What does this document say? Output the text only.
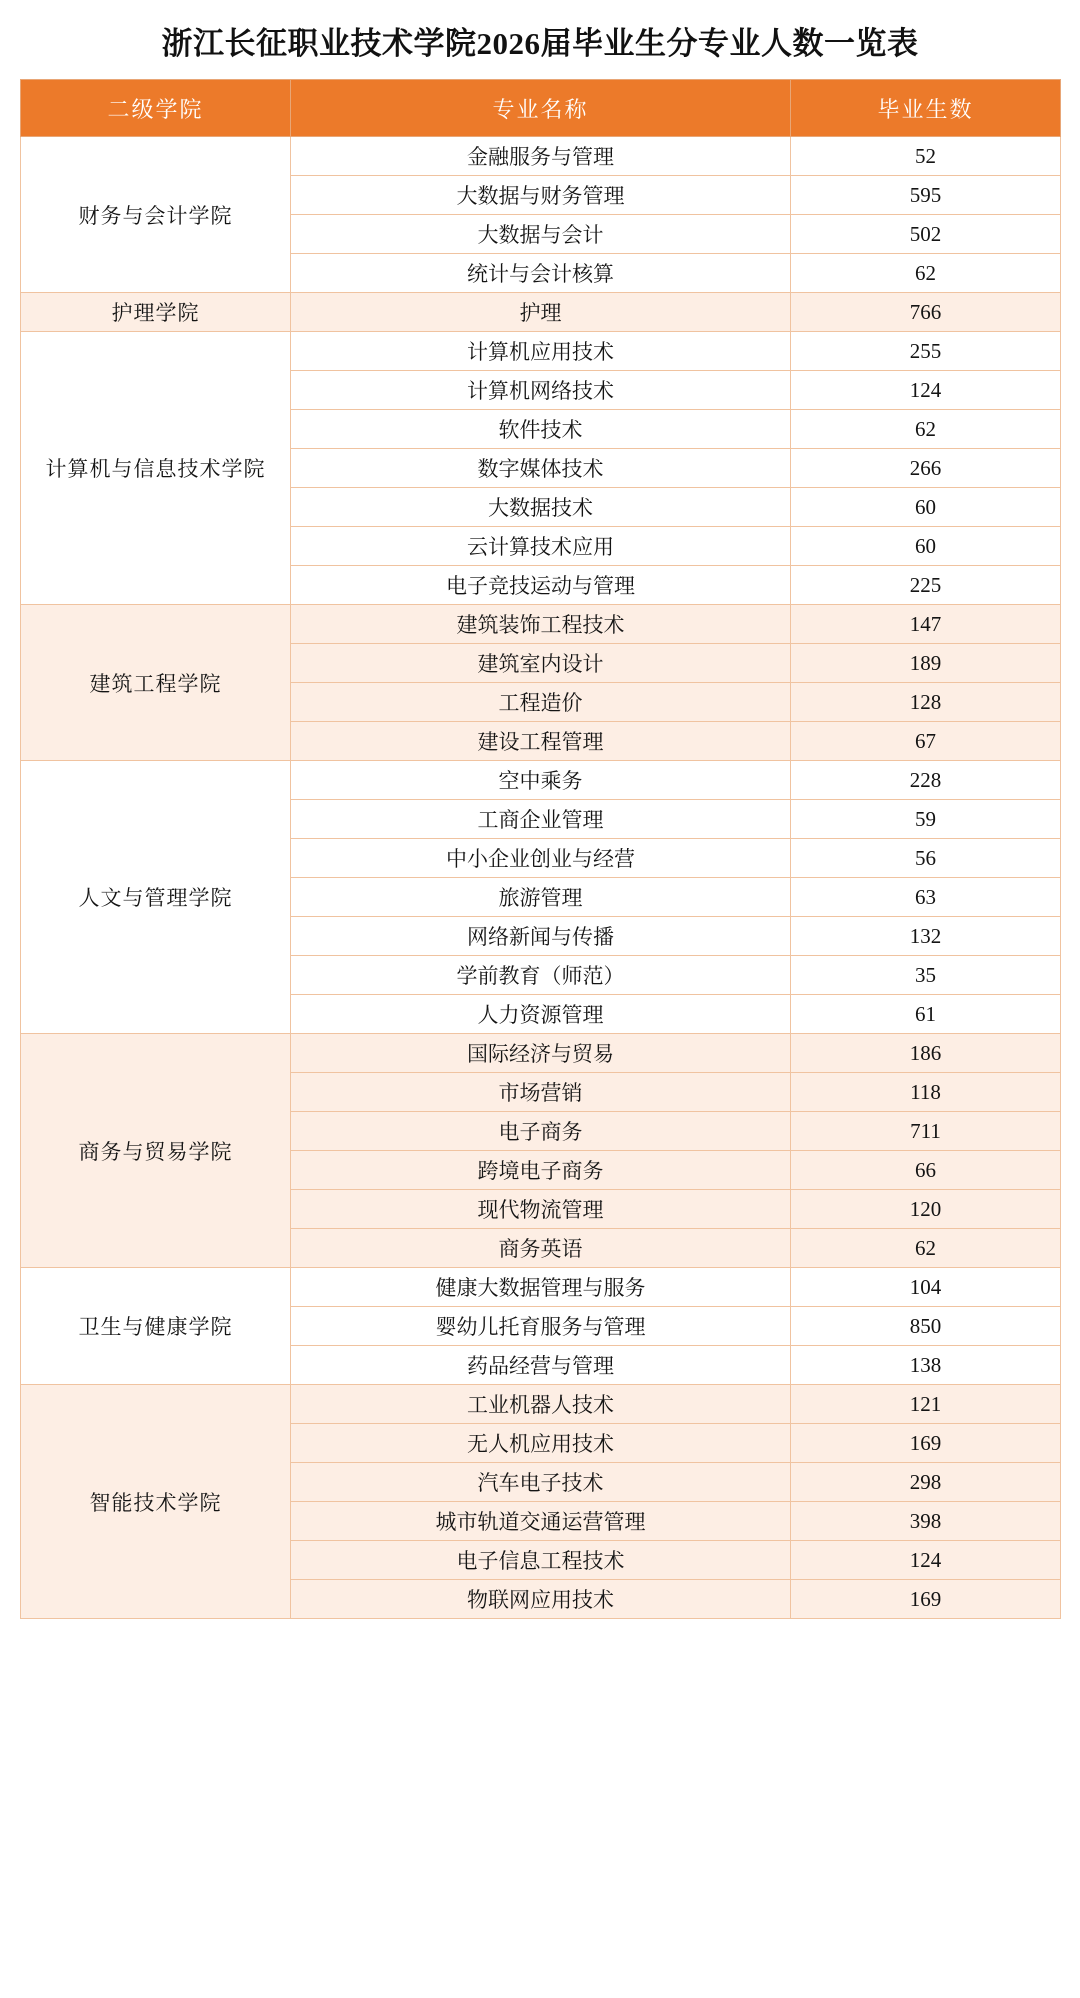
浙江长征职业技术学院2026届毕业生分专业人数一览表
二级学院	专业名称	毕业生数
财务与会计学院	金融服务与管理	52
	大数据与财务管理	595
	大数据与会计	502
	统计与会计核算	62
护理学院	护理	766
计算机与信息技术学院	计算机应用技术	255
	计算机网络技术	124
	软件技术	62
	数字媒体技术	266
	大数据技术	60
	云计算技术应用	60
	电子竞技运动与管理	225
建筑工程学院	建筑装饰工程技术	147
	建筑室内设计	189
	工程造价	128
	建设工程管理	67
人文与管理学院	空中乘务	228
	工商企业管理	59
	中小企业创业与经营	56
	旅游管理	63
	网络新闻与传播	132
	学前教育（师范）	35
	人力资源管理	61
商务与贸易学院	国际经济与贸易	186
	市场营销	118
	电子商务	711
	跨境电子商务	66
	现代物流管理	120
	商务英语	62
卫生与健康学院	健康大数据管理与服务	104
	婴幼儿托育服务与管理	850
	药品经营与管理	138
智能技术学院	工业机器人技术	121
	无人机应用技术	169
	汽车电子技术	298
	城市轨道交通运营管理	398
	电子信息工程技术	124
	物联网应用技术	169
